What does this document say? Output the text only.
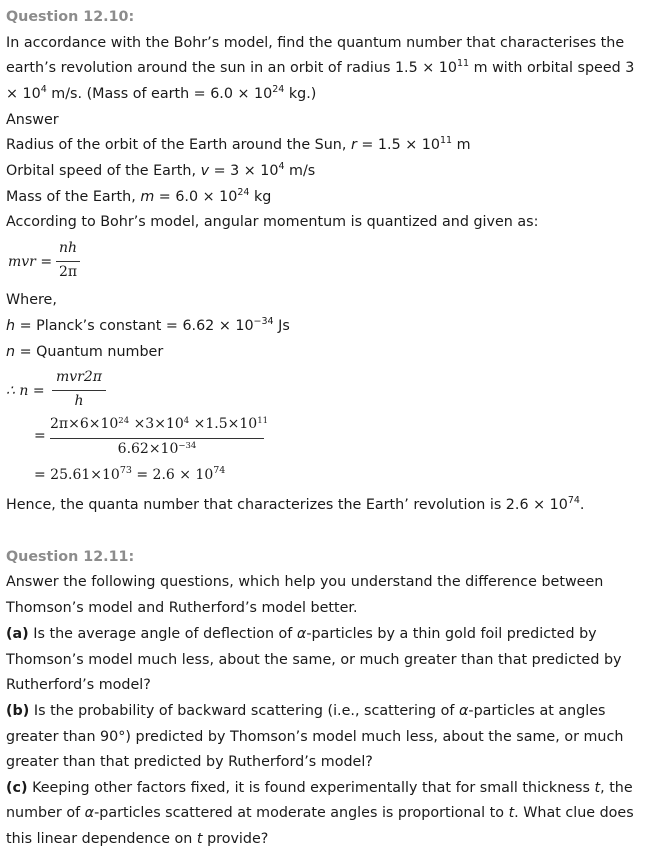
Question 12.10:
In accordance with the Bohr’s model, find the quantum number that characterises the
earth’s revolution around the sun in an orbit of radius $1.5 \times 10^{11}$ m with orbital speed 3
× $10^4$ m/s. (Mass of earth = $6.0 \times 10^{24}$ kg.)
Answer
Radius of the orbit of the Earth around the Sun, $r = 1.5 \times 10^{11}$ m
Orbital speed of the Earth, $v = 3 \times 10^4$ m/s
Mass of the Earth, $m = 6.0 \times 10^{24}$ kg
According to Bohr’s model, angular momentum is quantized and given as:
mvr =
nh
2π
Where,
h = Planck’s constant = $6.62 \times 10^{-34}$ Js
n = Quantum number
∴ n =
mvr2π
h
=
$2\pi\times 6\times 10^{24} \times 3\times 10^4 \times 1.5\times 10^{11}$
$6.62\times 10^{-34}$
= $25.61\times 10^{73} = 2.6 \times 10^{74}$
Hence, the quanta number that characterizes the Earth’ revolution is $2.6 \times 10^{74}$.
Question 12.11:
Answer the following questions, which help you understand the difference between
Thomson’s model and Rutherford’s model better.
(a) Is the average angle of deflection of α-particles by a thin gold foil predicted by
Thomson’s model much less, about the same, or much greater than that predicted by
Rutherford’s model?
(b) Is the probability of backward scattering (i.e., scattering of α-particles at angles
greater than 90°) predicted by Thomson’s model much less, about the same, or much
greater than that predicted by Rutherford’s model?
(c) Keeping other factors fixed, it is found experimentally that for small thickness t, the
number of α-particles scattered at moderate angles is proportional to t. What clue does
this linear dependence on t provide?
